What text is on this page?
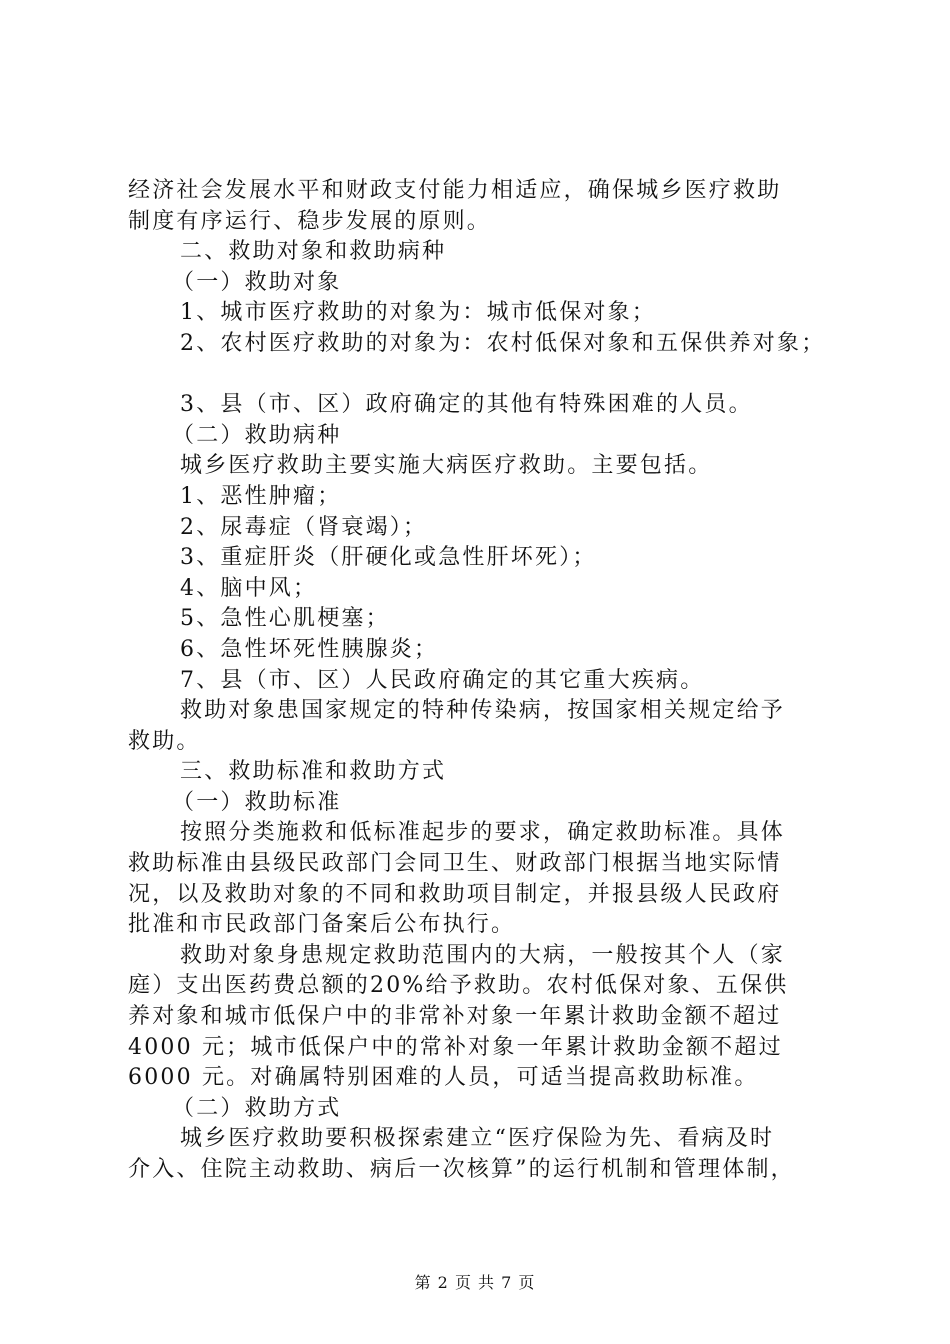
经济社会发展水平和财政支付能力相适应，确保城乡医疗救助
制度有序运行、稳步发展的原则。
二、救助对象和救助病种
（一）救助对象
1、城市医疗救助的对象为：城市低保对象；
2、农村医疗救助的对象为：农村低保对象和五保供养对象；
3、县（市、区）政府确定的其他有特殊困难的人员。
（二）救助病种
城乡医疗救助主要实施大病医疗救助。主要包括。
1、恶性肿瘤；
2、尿毒症（肾衰竭）；
3、重症肝炎（肝硬化或急性肝坏死）；
4、脑中风；
5、急性心肌梗塞；
6、急性坏死性胰腺炎；
7、县（市、区）人民政府确定的其它重大疾病。
救助对象患国家规定的特种传染病，按国家相关规定给予
救助。
三、救助标准和救助方式
（一）救助标准
按照分类施救和低标准起步的要求，确定救助标准。具体
救助标准由县级民政部门会同卫生、财政部门根据当地实际情
况，以及救助对象的不同和救助项目制定，并报县级人民政府
批准和市民政部门备案后公布执行。
救助对象身患规定救助范围内的大病，一般按其个人（家
庭）支出医药费总额的20%给予救助。农村低保对象、五保供
养对象和城市低保户中的非常补对象一年累计救助金额不超过
4000 元；城市低保户中的常补对象一年累计救助金额不超过
6000 元。对确属特别困难的人员，可适当提高救助标准。
（二）救助方式
城乡医疗救助要积极探索建立“医疗保险为先、看病及时
介入、住院主动救助、病后一次核算”的运行机制和管理体制，
第 2 页 共 7 页
